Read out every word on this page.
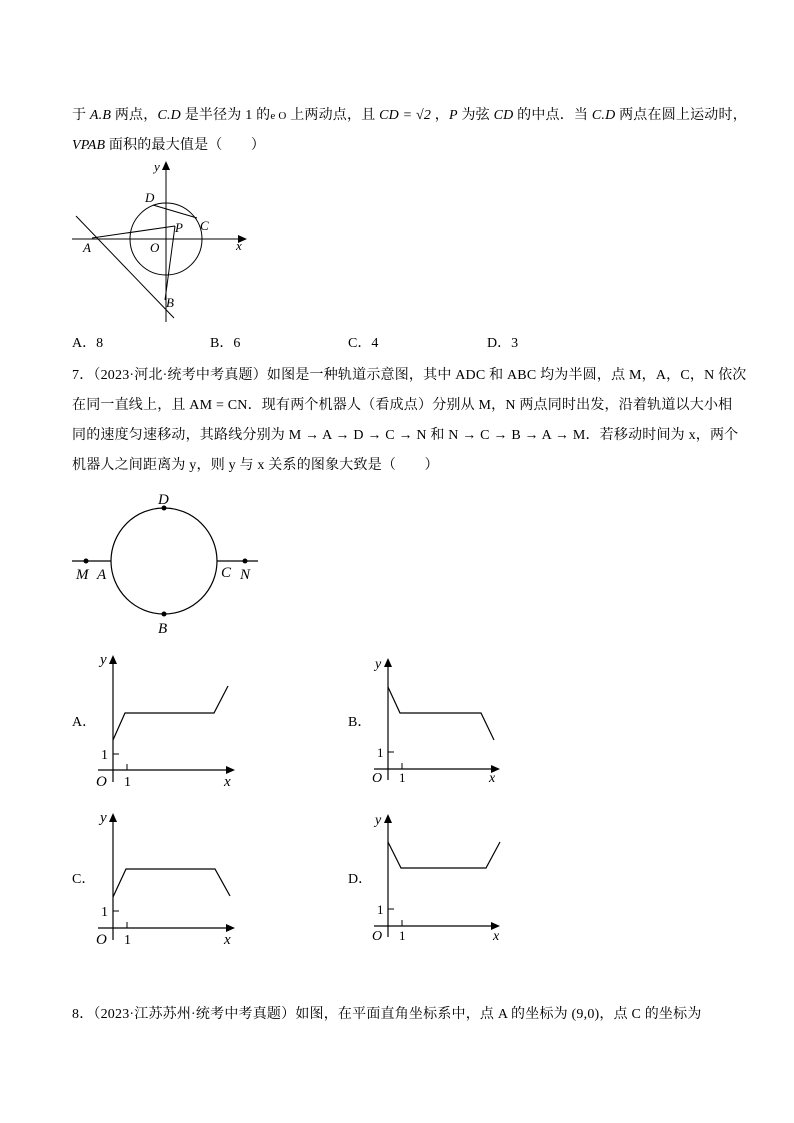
于 A.B 两点，C.D 是半径为 1 的e O 上两动点，且 CD = √2 ，P 为弦 CD 的中点．当 C.D 两点在圆上运动时，
VPAB 面积的最大值是（　　）
y
x
D
P C
A	O
B
A．8	B．6	C．4	D．3
7．（2023·河北·统考中考真题）如图是一种轨道示意图，其中 ADC 和 ABC 均为半圆，点 M，A，C，N 依次
在同一直线上，且 AM = CN．现有两个机器人（看成点）分别从 M，N 两点同时出发，沿着轨道以大小相
同的速度匀速移动，其路线分别为 M → A → D → C → N 和 N → C → B → A → M．若移动时间为 x，两个
机器人之间距离为 y，则 y 与 x 关系的图象大致是（　　）
D
M A	C N
B
A．	B．
C．	D．
y
x
O
1
1
y
x
O
1
1
y
x
O
1
1
y
x
O
1
1
8．（2023·江苏苏州·统考中考真题）如图，在平面直角坐标系中，点 A 的坐标为 (9,0)，点 C 的坐标为
